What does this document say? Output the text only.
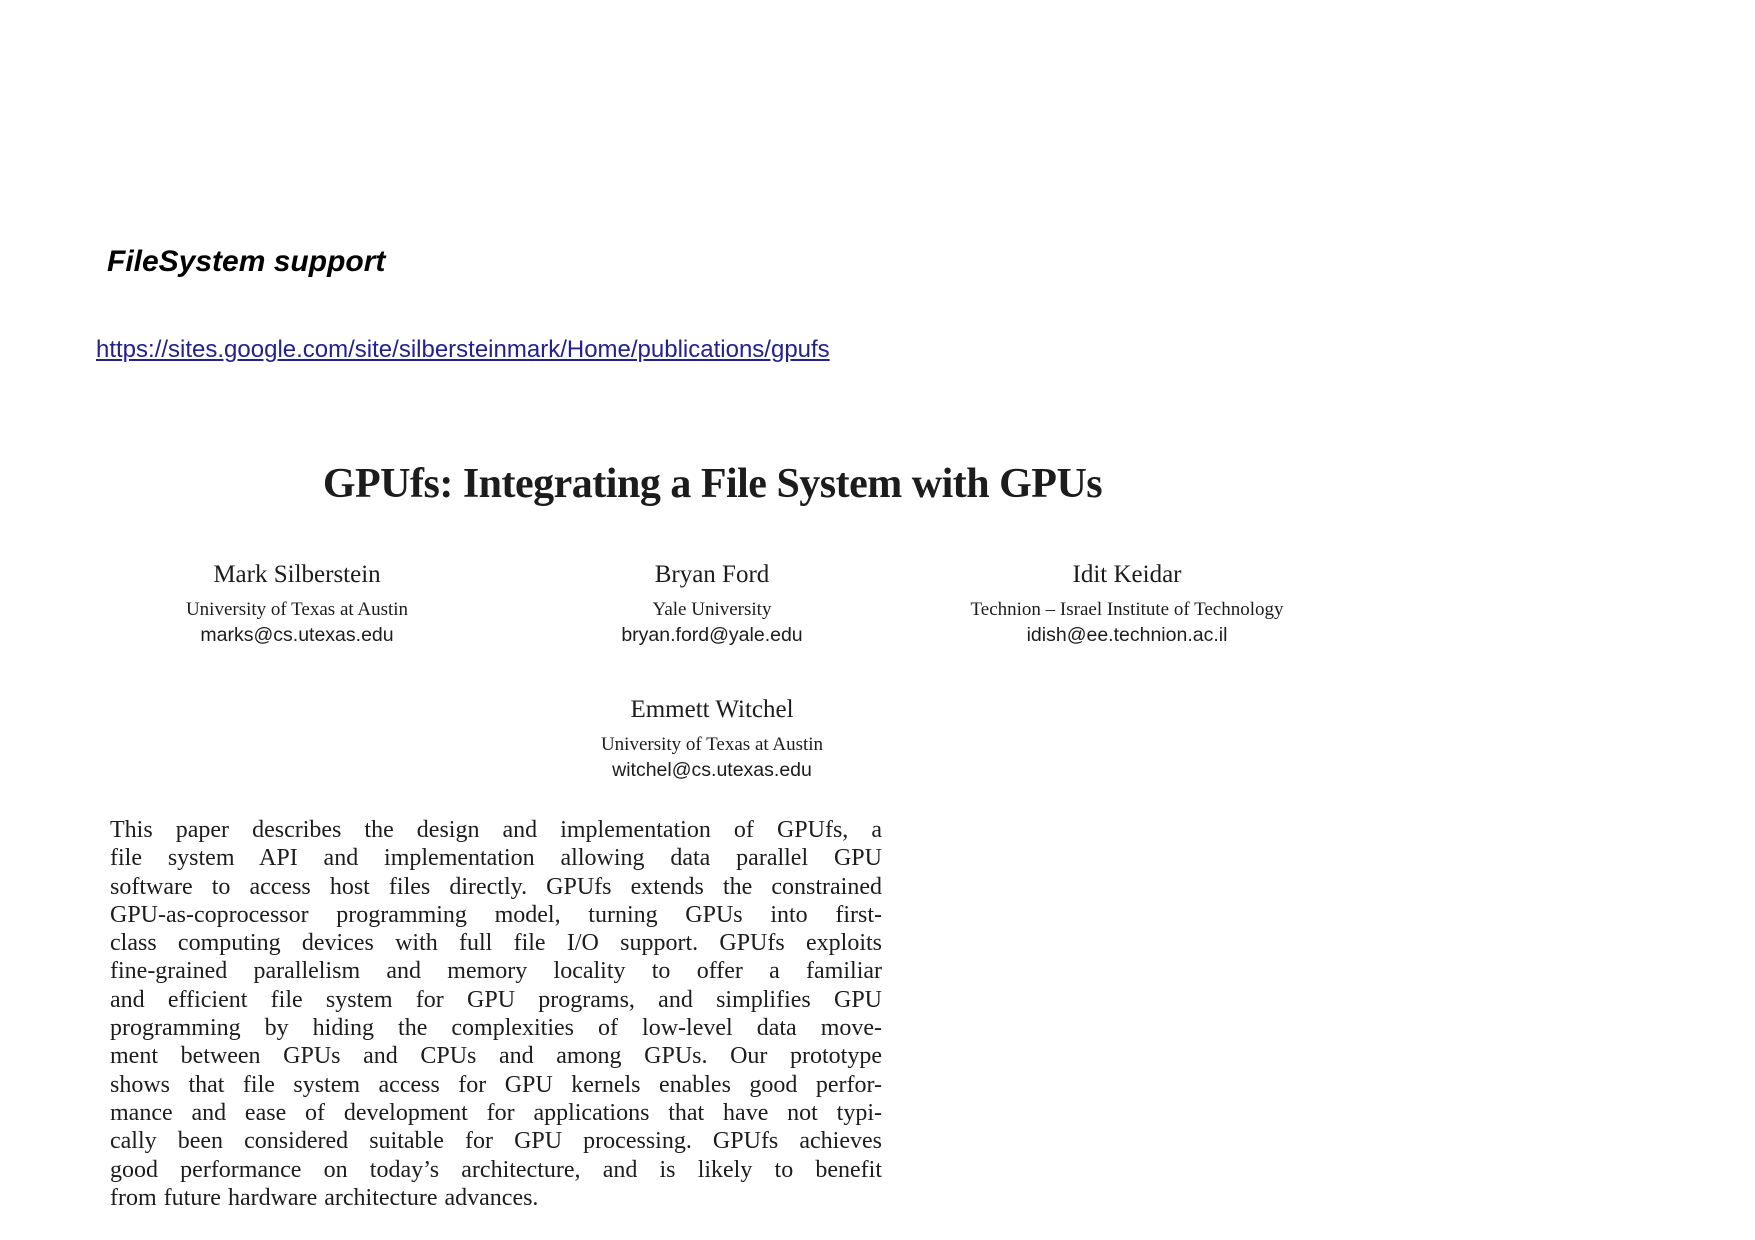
FileSystem support
https://sites.google.com/site/silbersteinmark/Home/publications/gpufs
GPUfs: Integrating a File System with GPUs
Mark Silberstein
University of Texas at Austin
marks@cs.utexas.edu
Bryan Ford
Yale University
bryan.ford@yale.edu
Idit Keidar
Technion – Israel Institute of Technology
idish@ee.technion.ac.il
Emmett Witchel
University of Texas at Austin
witchel@cs.utexas.edu
This paper describes the design and implementation of GPUfs, a
file system API and implementation allowing data parallel GPU
software to access host files directly. GPUfs extends the constrained
GPU-as-coprocessor programming model, turning GPUs into first-
class computing devices with full file I/O support. GPUfs exploits
fine-grained parallelism and memory locality to offer a familiar
and efficient file system for GPU programs, and simplifies GPU
programming by hiding the complexities of low-level data move-
ment between GPUs and CPUs and among GPUs. Our prototype
shows that file system access for GPU kernels enables good perfor-
mance and ease of development for applications that have not typi-
cally been considered suitable for GPU processing. GPUfs achieves
good performance on today’s architecture, and is likely to benefit
from future hardware architecture advances.
